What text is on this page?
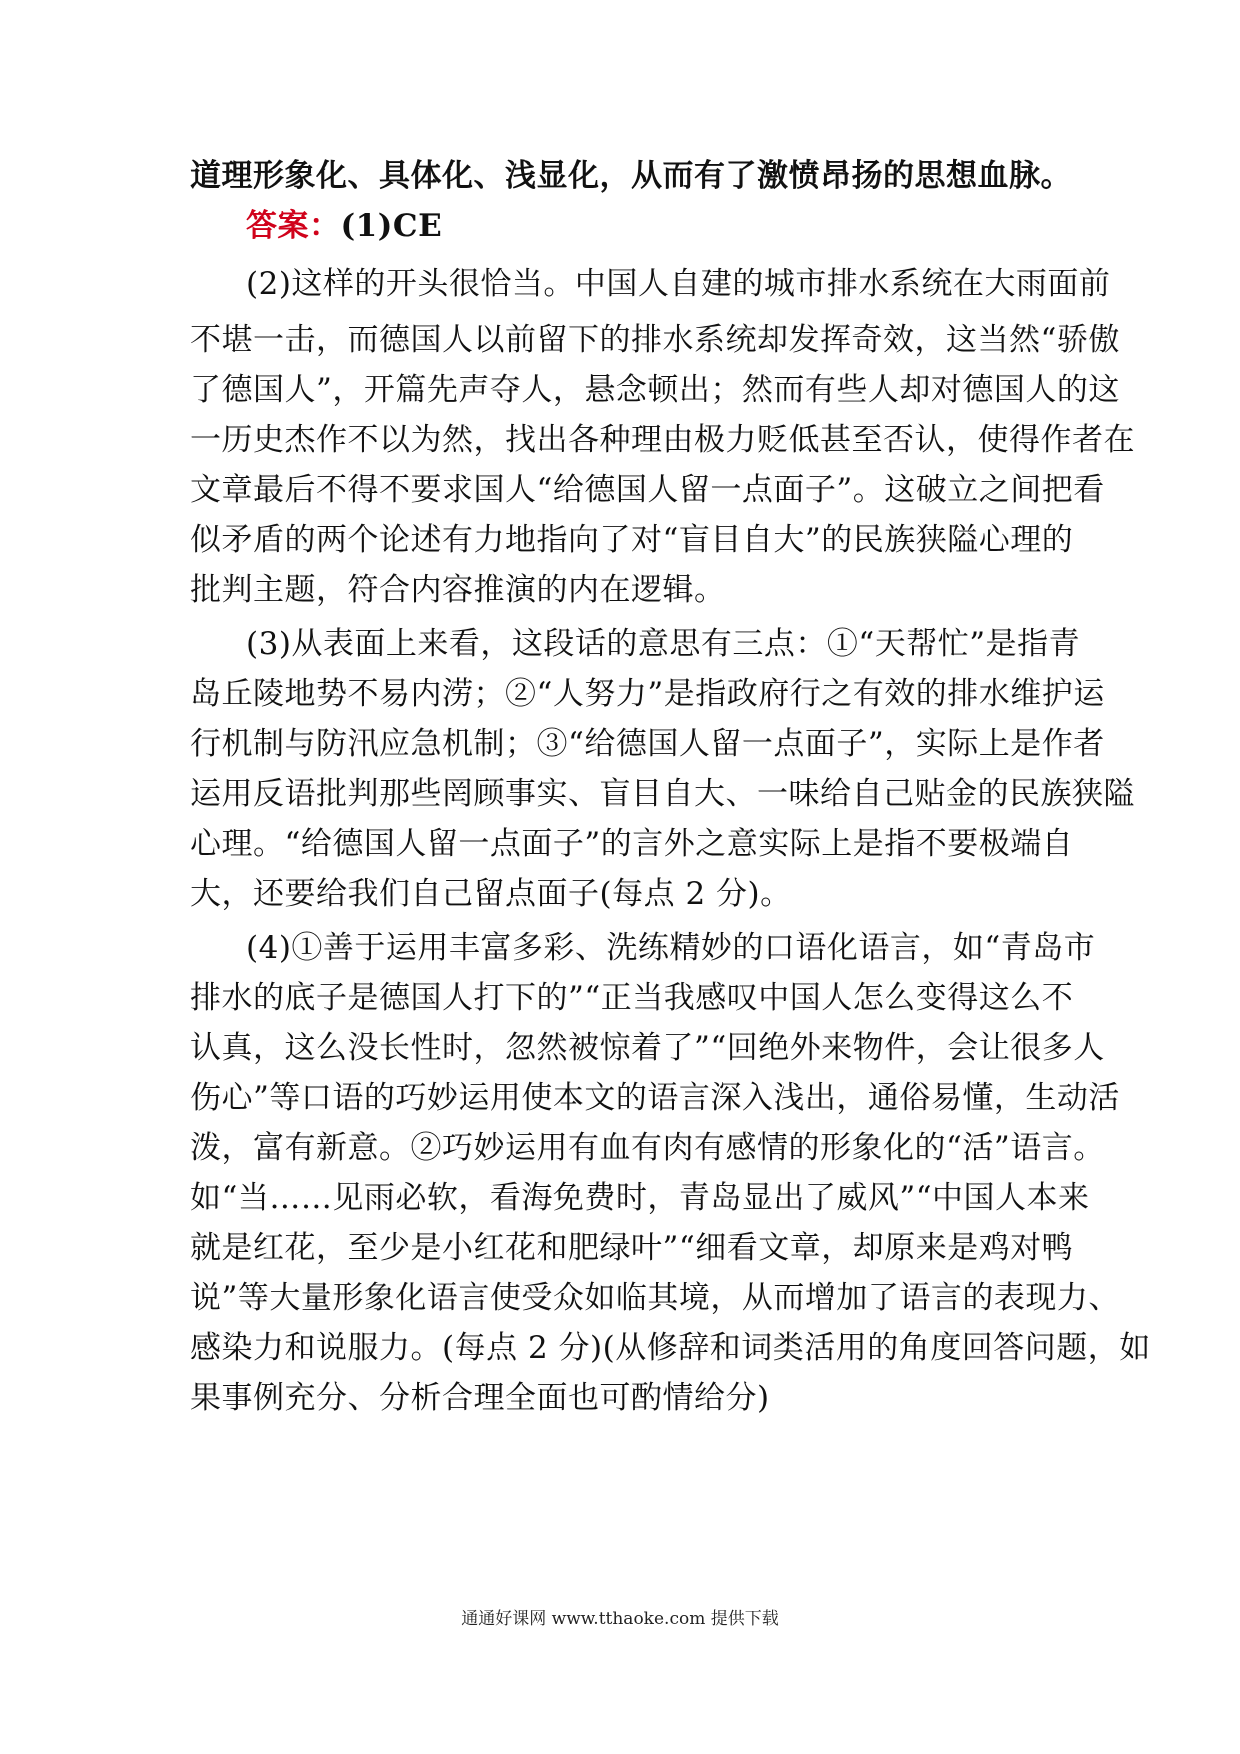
道理形象化、具体化、浅显化，从而有了激愤昂扬的思想血脉。
答案：(1)CE
(2)这样的开头很恰当。中国人自建的城市排水系统在大雨面前
不堪一击，而德国人以前留下的排水系统却发挥奇效，这当然“骄傲
了德国人”，开篇先声夺人，悬念顿出；然而有些人却对德国人的这
一历史杰作不以为然，找出各种理由极力贬低甚至否认，使得作者在
文章最后不得不要求国人“给德国人留一点面子”。这破立之间把看
似矛盾的两个论述有力地指向了对“盲目自大”的民族狭隘心理的
批判主题，符合内容推演的内在逻辑。
(3)从表面上来看，这段话的意思有三点：①“天帮忙”是指青
岛丘陵地势不易内涝；②“人努力”是指政府行之有效的排水维护运
行机制与防汛应急机制；③“给德国人留一点面子”，实际上是作者
运用反语批判那些罔顾事实、盲目自大、一味给自己贴金的民族狭隘
心理。“给德国人留一点面子”的言外之意实际上是指不要极端自
大，还要给我们自己留点面子(每点 2 分)。
(4)①善于运用丰富多彩、洗练精妙的口语化语言，如“青岛市
排水的底子是德国人打下的”“正当我感叹中国人怎么变得这么不
认真，这么没长性时，忽然被惊着了”“回绝外来物件，会让很多人
伤心”等口语的巧妙运用使本文的语言深入浅出，通俗易懂，生动活
泼，富有新意。②巧妙运用有血有肉有感情的形象化的“活”语言。
如“当……见雨必软，看海免费时，青岛显出了威风”“中国人本来
就是红花，至少是小红花和肥绿叶”“细看文章，却原来是鸡对鸭
说”等大量形象化语言使受众如临其境，从而增加了语言的表现力、
感染力和说服力。(每点 2 分)(从修辞和词类活用的角度回答问题，如
果事例充分、分析合理全面也可酌情给分)
通通好课网 www.tthaoke.com 提供下载
